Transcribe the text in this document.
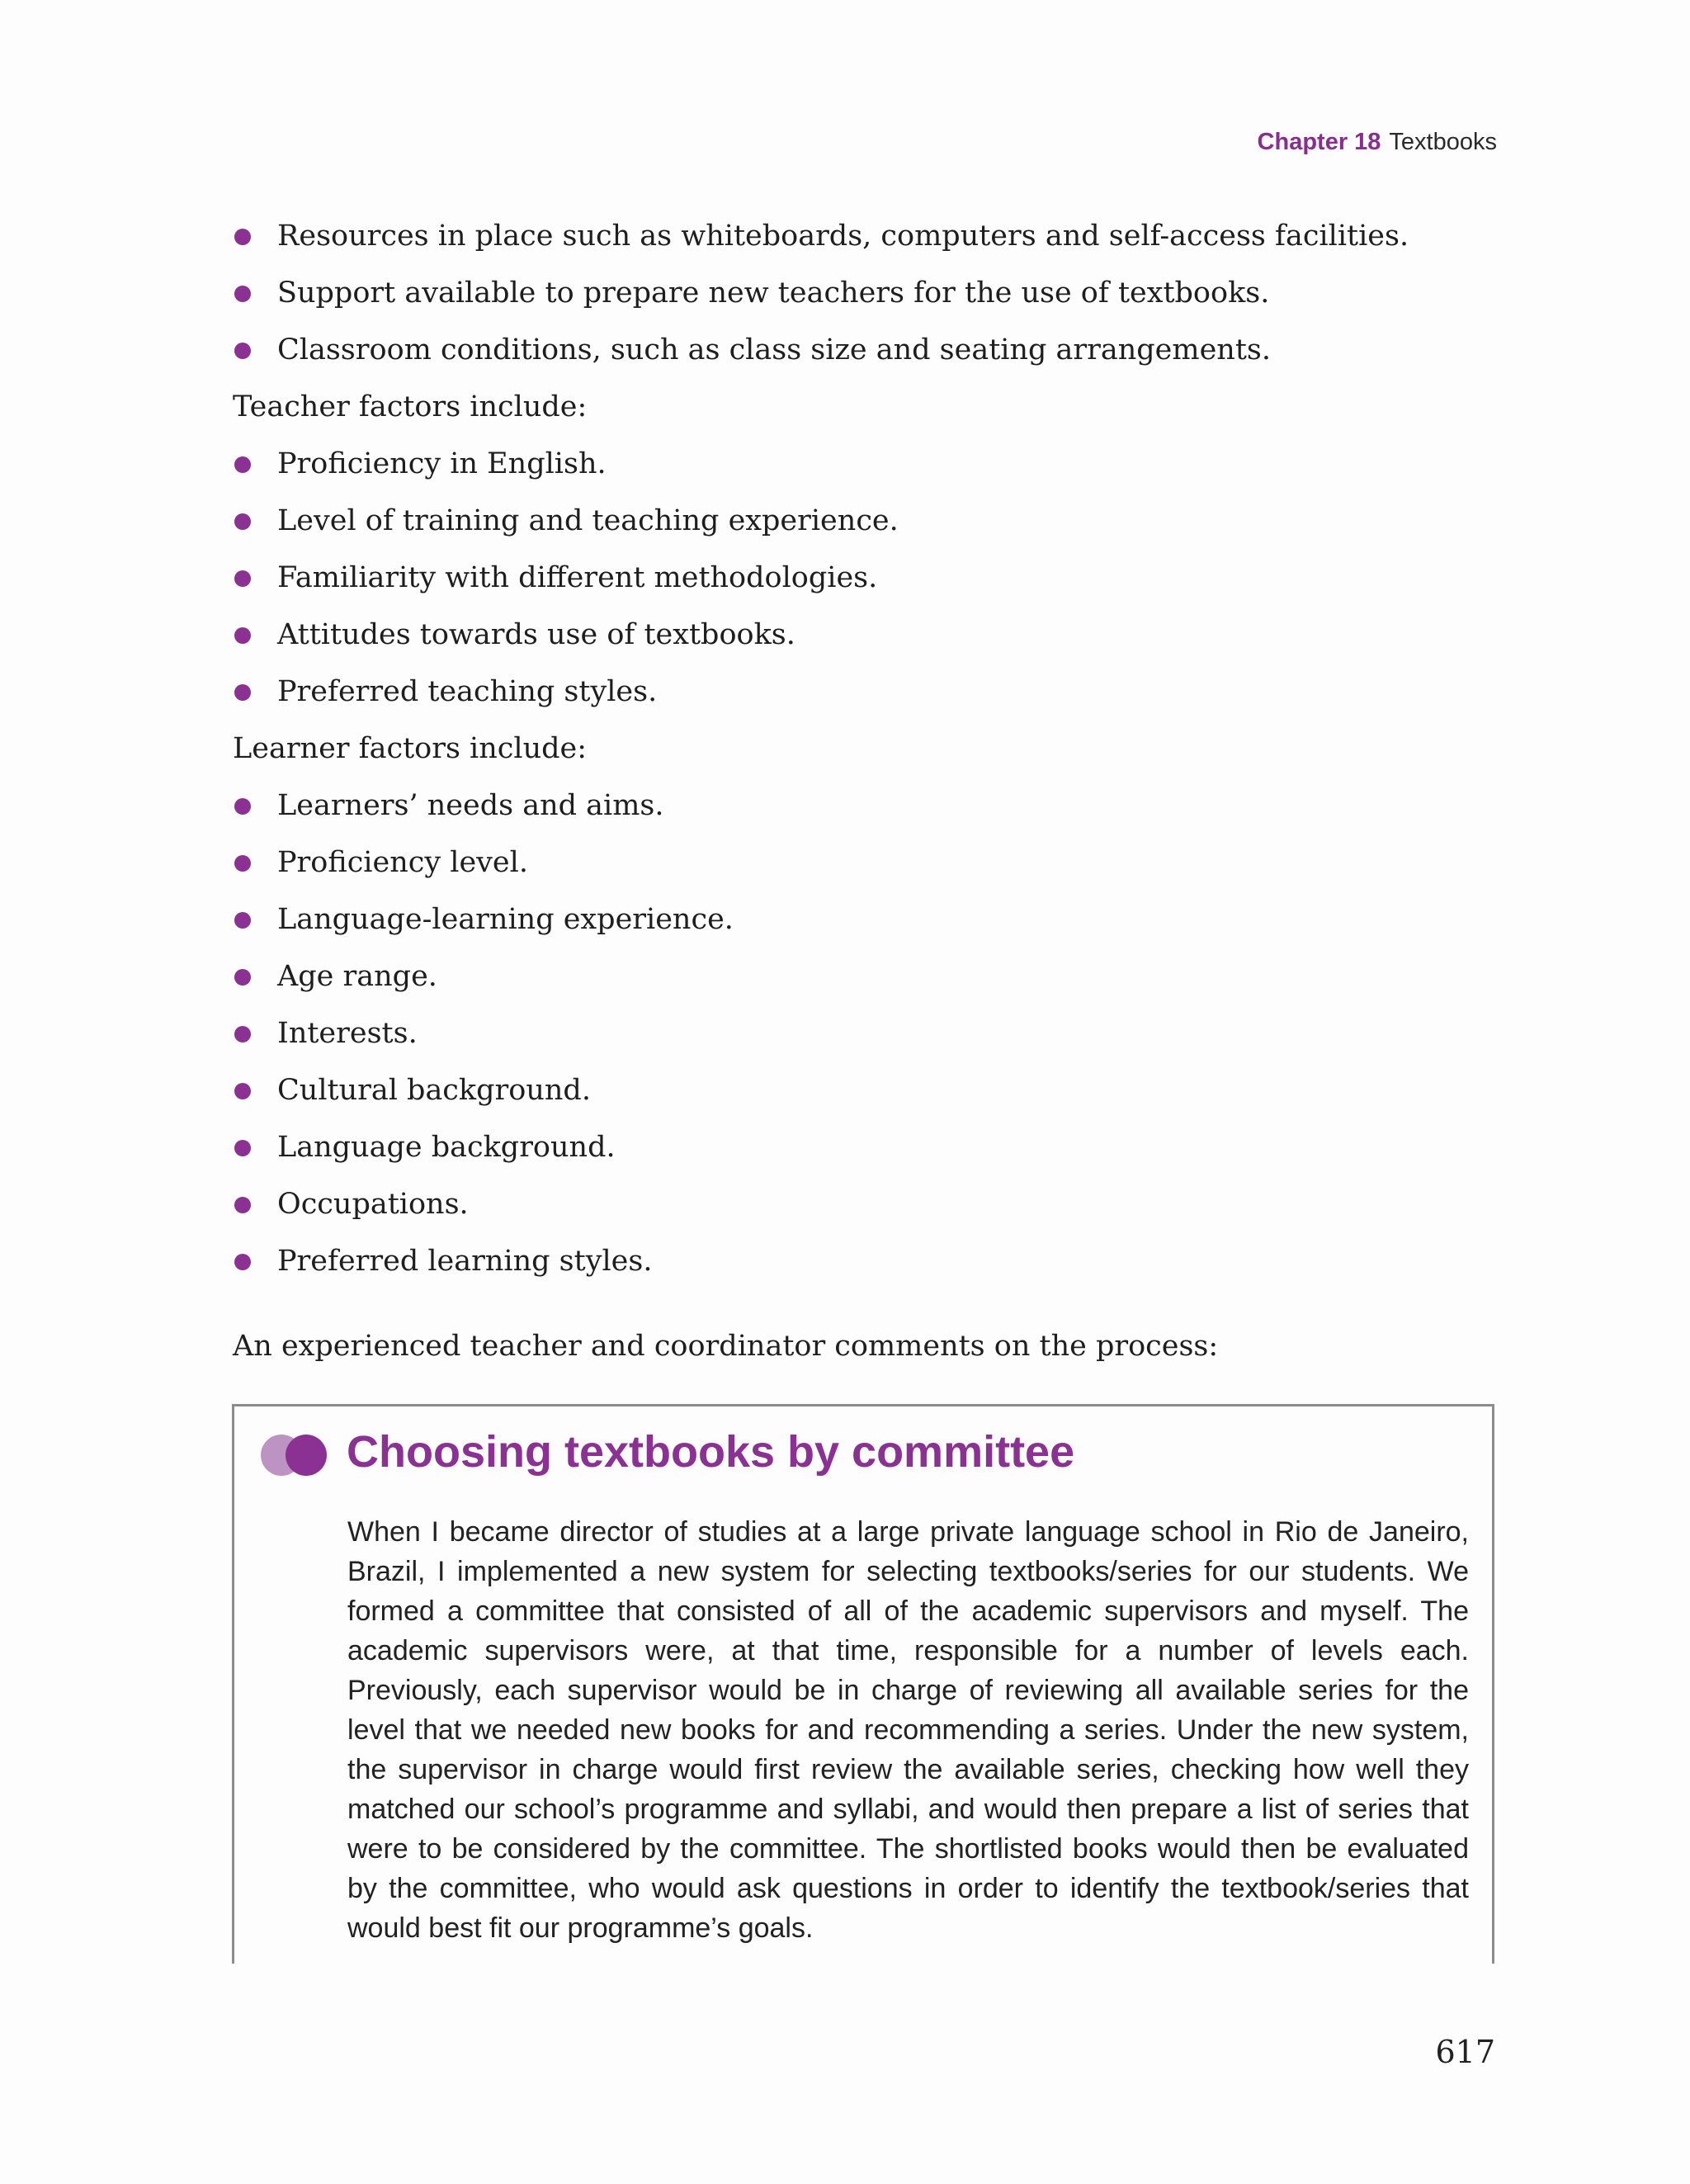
Chapter 18 Textbooks
Resources in place such as whiteboards, computers and self-access facilities.
Support available to prepare new teachers for the use of textbooks.
Classroom conditions, such as class size and seating arrangements.

Teacher factors include:

Proficiency in English.
Level of training and teaching experience.
Familiarity with different methodologies.
Attitudes towards use of textbooks.
Preferred teaching styles.

Learner factors include:

Learners’ needs and aims.
Proficiency level.
Language-learning experience.
Age range.
Interests.
Cultural background.
Language background.
Occupations.
Preferred learning styles.

An experienced teacher and coordinator comments on the process:

Choosing textbooks by committee
When I became director of studies at a large private language school in Rio de Janeiro, Brazil, I implemented a new system for selecting textbooks/series for our students. We formed a committee that consisted of all of the academic supervisors and myself. The academic supervisors were, at that time, responsible for a number of levels each. Previously, each supervisor would be in charge of reviewing all available series for the level that we needed new books for and recommending a series. Under the new system, the supervisor in charge would first review the available series, checking how well they matched our school’s programme and syllabi, and would then prepare a list of series that were to be considered by the committee. The shortlisted books would then be evaluated by the committee, who would ask questions in order to identify the textbook/series that would best fit our programme’s goals.
617
